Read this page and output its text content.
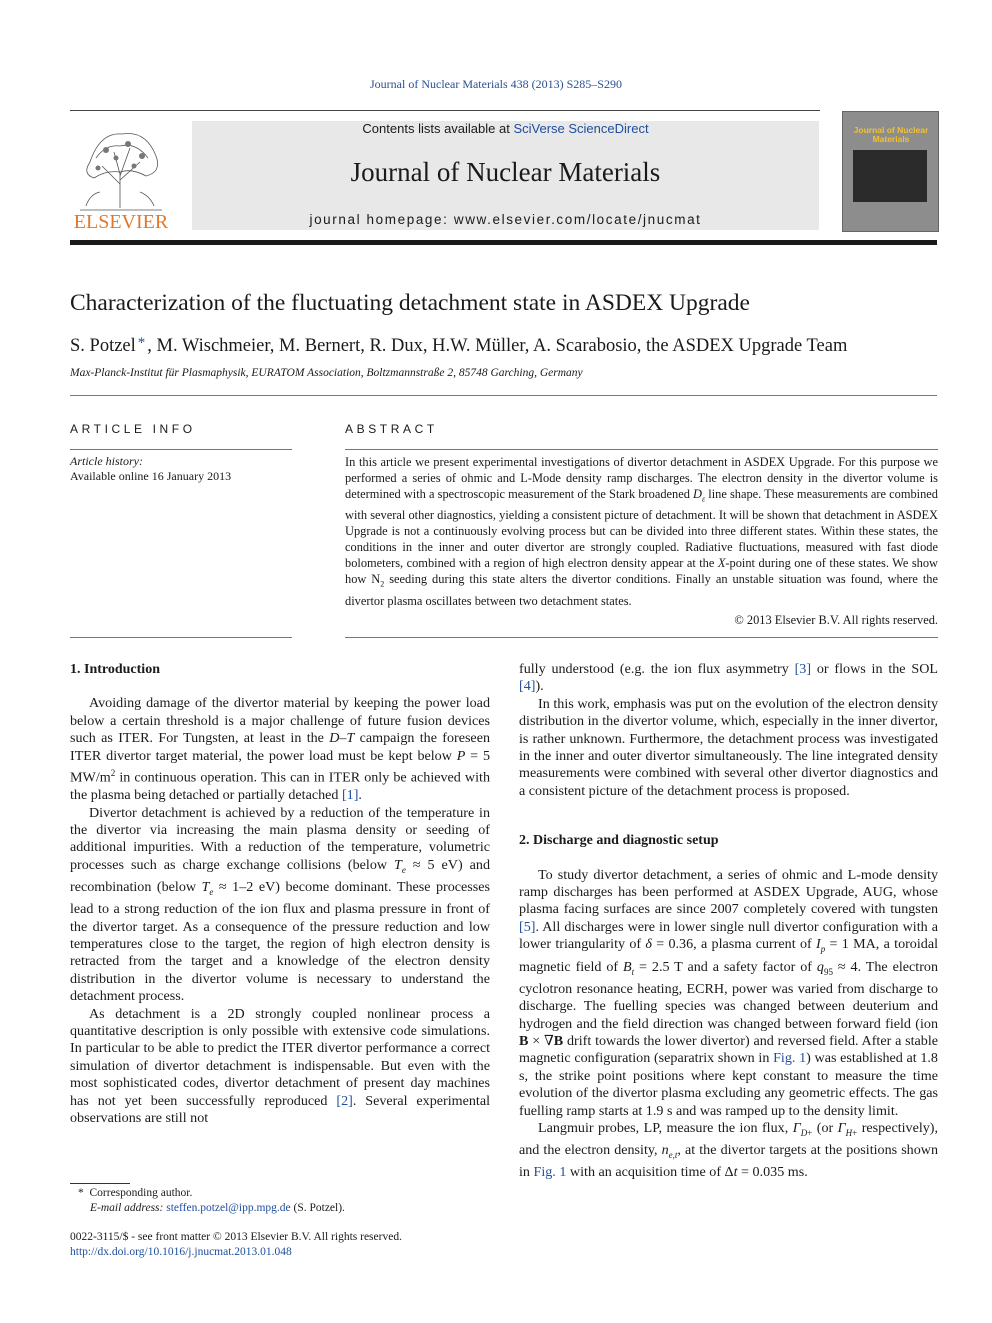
Journal of Nuclear Materials 438 (2013) S285–S290
ELSEVIER
Contents lists available at SciVerse ScienceDirect
Journal of Nuclear Materials
journal homepage: www.elsevier.com/locate/jnucmat
Journal of Nuclear Materials
Characterization of the fluctuating detachment state in ASDEX Upgrade
S. Potzel * , M. Wischmeier, M. Bernert, R. Dux, H.W. Müller, A. Scarabosio, the ASDEX Upgrade Team
Max-Planck-Institut für Plasmaphysik, EURATOM Association, Boltzmannstraße 2, 85748 Garching, Germany
ARTICLE INFO
Article history:
Available online 16 January 2013
ABSTRACT
In this article we present experimental investigations of divertor detachment in ASDEX Upgrade. For this purpose we performed a series of ohmic and L-Mode density ramp discharges. The electron density in the divertor volume is determined with a spectroscopic measurement of the Stark broadened $D_\varepsilon$ line shape. These measurements are combined with several other diagnostics, yielding a consistent picture of detachment. It will be shown that detachment in ASDEX Upgrade is not a continuously evolving process but can be divided into three different states. Within these states, the conditions in the inner and outer divertor are strongly coupled. Radiative fluctuations, measured with fast diode bolometers, combined with a region of high electron density appear at the X-point during one of these states. We show how $N_2$ seeding during this state alters the divertor conditions. Finally an unstable situation was found, where the divertor plasma oscillates between two detachment states.
© 2013 Elsevier B.V. All rights reserved.
1. Introduction

Avoiding damage of the divertor material by keeping the power load below a certain threshold is a major challenge of future fusion devices such as ITER. For Tungsten, at least in the D–T campaign the foreseen ITER divertor target material, the power load must be kept below P = 5 $MW/m^2$ in continuous operation. This can in ITER only be achieved with the plasma being detached or partially detached [1].

Divertor detachment is achieved by a reduction of the temperature in the divertor via increasing the main plasma density or seeding of additional impurities. With a reduction of the temperature, volumetric processes such as charge exchange collisions (below $T_e \approx 5$ eV) and recombination (below $T_e \approx 1-2$ eV) become dominant. These processes lead to a strong reduction of the ion flux and plasma pressure in front of the divertor target. As a consequence of the pressure reduction and low temperatures close to the target, the region of high electron density is retracted from the target and a knowledge of the electron density distribution in the divertor volume is necessary to understand the detachment process.

As detachment is a 2D strongly coupled nonlinear process a quantitative description is only possible with extensive code simulations. In particular to be able to predict the ITER divertor performance a correct simulation of divertor detachment is indispensable. But even with the most sophisticated codes, divertor detachment of present day machines has not yet been successfully reproduced [2]. Several experimental observations are still not

fully understood (e.g. the ion flux asymmetry [3] or flows in the SOL [4]).

In this work, emphasis was put on the evolution of the electron density distribution in the divertor volume, which, especially in the inner divertor, is rather unknown. Furthermore, the detachment process was investigated in the inner and outer divertor simultaneously. The line integrated density measurements were combined with several other divertor diagnostics and a consistent picture of the detachment process is proposed.

2. Discharge and diagnostic setup

To study divertor detachment, a series of ohmic and L-mode density ramp discharges has been performed at ASDEX Upgrade, AUG, whose plasma facing surfaces are since 2007 completely covered with tungsten [5]. All discharges were in lower single null divertor configuration with a lower triangularity of δ = 0.36, a plasma current of $I_p = 1$ MA, a toroidal magnetic field of $B_t = 2.5$ T and a safety factor of $q_{95} \approx 4$. The electron cyclotron resonance heating, ECRH, power was varied from discharge to discharge. The fuelling species was changed between deuterium and hydrogen and the field direction was changed between forward field (ion B × ∇B drift towards the lower divertor) and reversed field. After a stable magnetic configuration (separatrix shown in Fig. 1) was established at 1.8 s, the strike point positions where kept constant to measure the time evolution of the divertor plasma excluding any geometric effects. The gas fuelling ramp starts at 1.9 s and was ramped up to the density limit.

Langmuir probes, LP, measure the ion flux, $\Gamma_{D+}$ (or $\Gamma_{H+}$ respectively), and the electron density, $n_{e,t}$, at the divertor targets at the positions shown in Fig. 1 with an acquisition time of Δt = 0.035 ms.

* Corresponding author.
E-mail address: steffen.potzel@ipp.mpg.de (S. Potzel).
0022-3115/$ - see front matter © 2013 Elsevier B.V. All rights reserved.
http://dx.doi.org/10.1016/j.jnucmat.2013.01.048
